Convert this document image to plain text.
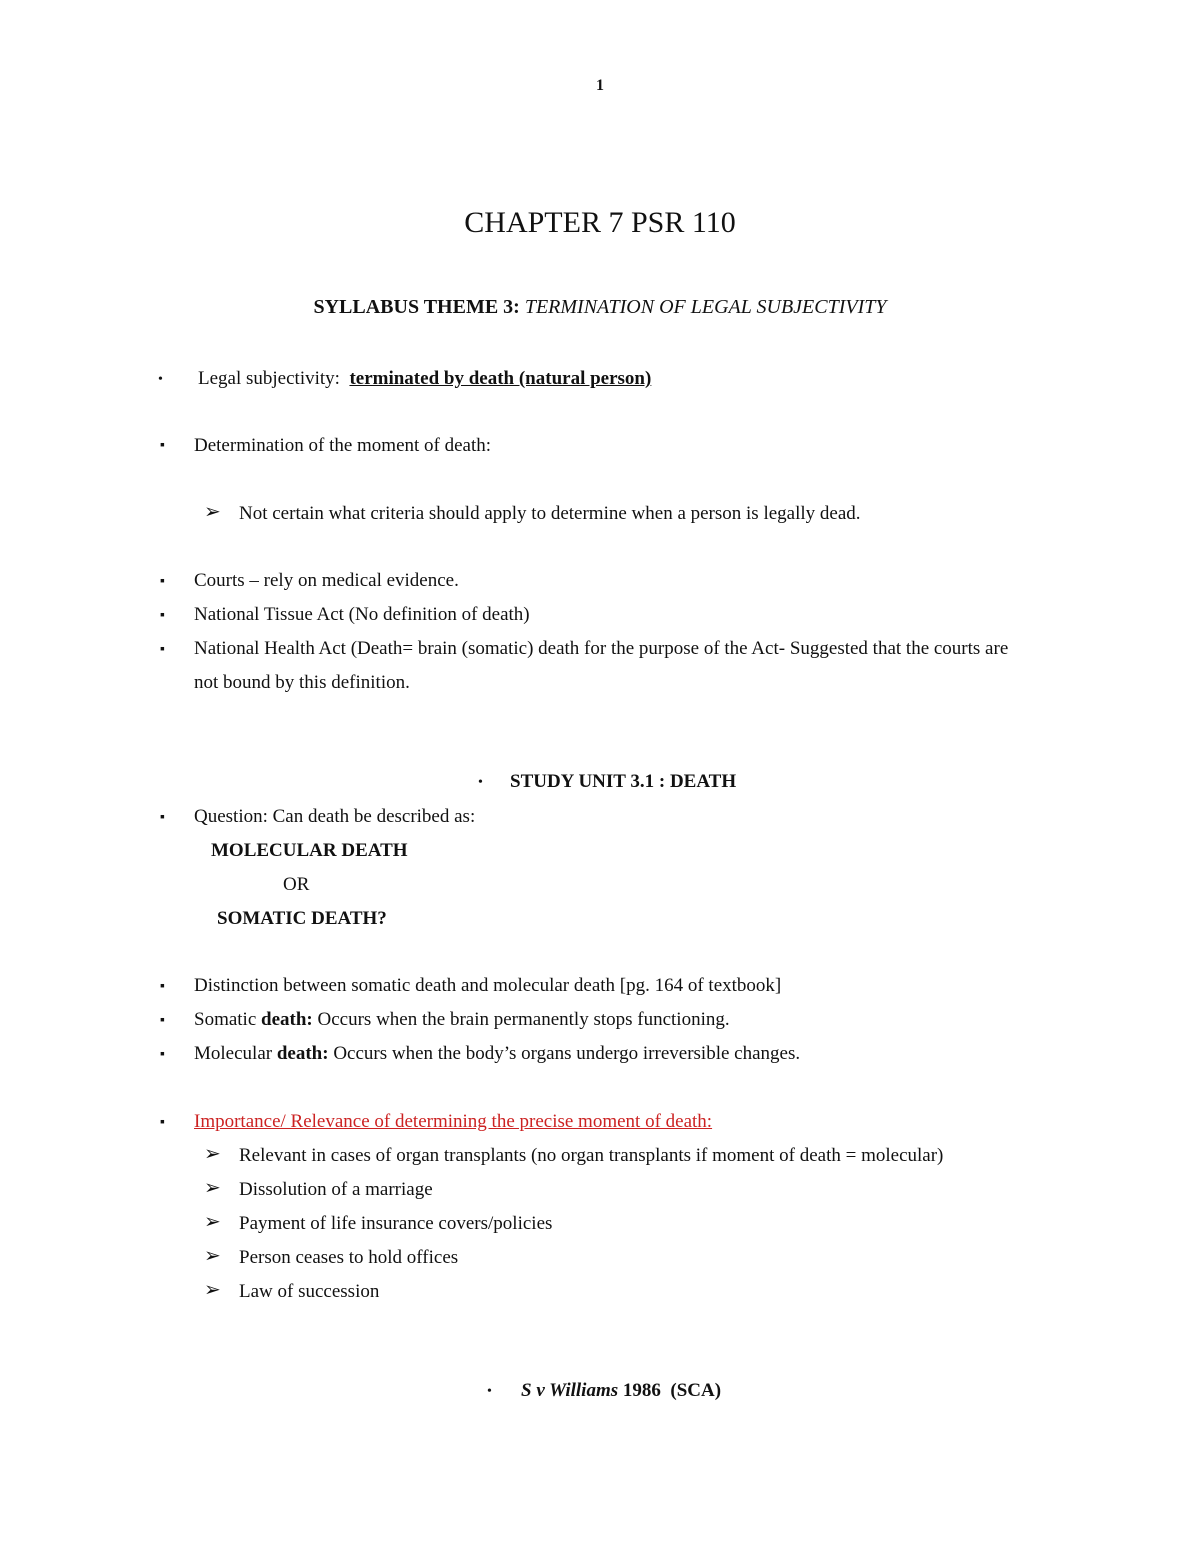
1
CHAPTER 7 PSR 110
SYLLABUS THEME 3: TERMINATION OF LEGAL SUBJECTIVITY
• Legal subjectivity: terminated by death (natural person)
▪ Determination of the moment of death:
➢ Not certain what criteria should apply to determine when a person is legally dead.
▪ Courts – rely on medical evidence.
▪ National Tissue Act (No definition of death)
▪ National Health Act (Death= brain (somatic) death for the purpose of the Act- Suggested that the courts are
not bound by this definition.
• STUDY UNIT 3.1 : DEATH
▪ Question: Can death be described as:
MOLECULAR DEATH
OR
SOMATIC DEATH?
▪ Distinction between somatic death and molecular death [pg. 164 of textbook]
▪ Somatic death: Occurs when the brain permanently stops functioning.
▪ Molecular death: Occurs when the body’s organs undergo irreversible changes.
▪ Importance/ Relevance of determining the precise moment of death:
➢ Relevant in cases of organ transplants (no organ transplants if moment of death = molecular)
➢ Dissolution of a marriage
➢ Payment of life insurance covers/policies
➢ Person ceases to hold offices
➢ Law of succession
• S v Williams 1986 (SCA)
